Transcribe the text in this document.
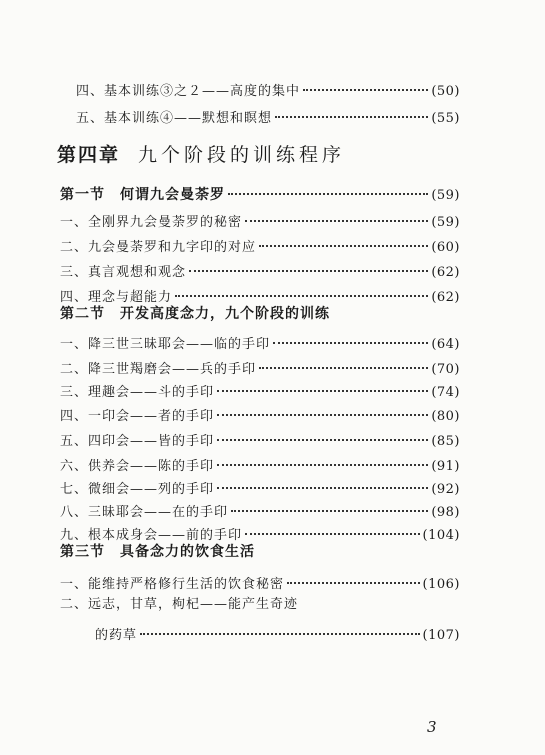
四、基本训练③之２——高度的集中	(50)
五、基本训练④——默想和瞑想	(55)
第四章 九个阶段的训练程序
第一节　何谓九会曼荼罗	(59)
一、全刚界九会曼荼罗的秘密	(59)
二、九会曼荼罗和九字印的对应	(60)
三、真言观想和观念	(62)
四、理念与超能力	(62)
第二节　开发高度念力，九个阶段的训练
一、降三世三昧耶会——临的手印	(64)
二、降三世羯磨会——兵的手印	(70)
三、理趣会——斗的手印	(74)
四、一印会——者的手印	(80)
五、四印会——皆的手印	(85)
六、供养会——陈的手印	(91)
七、微细会——列的手印	(92)
八、三昧耶会——在的手印	(98)
九、根本成身会——前的手印	(104)
第三节　具备念力的饮食生活
一、能维持严格修行生活的饮食秘密	(106)
二、远志，甘草，枸杞——能产生奇迹
的药草	(107)
3
